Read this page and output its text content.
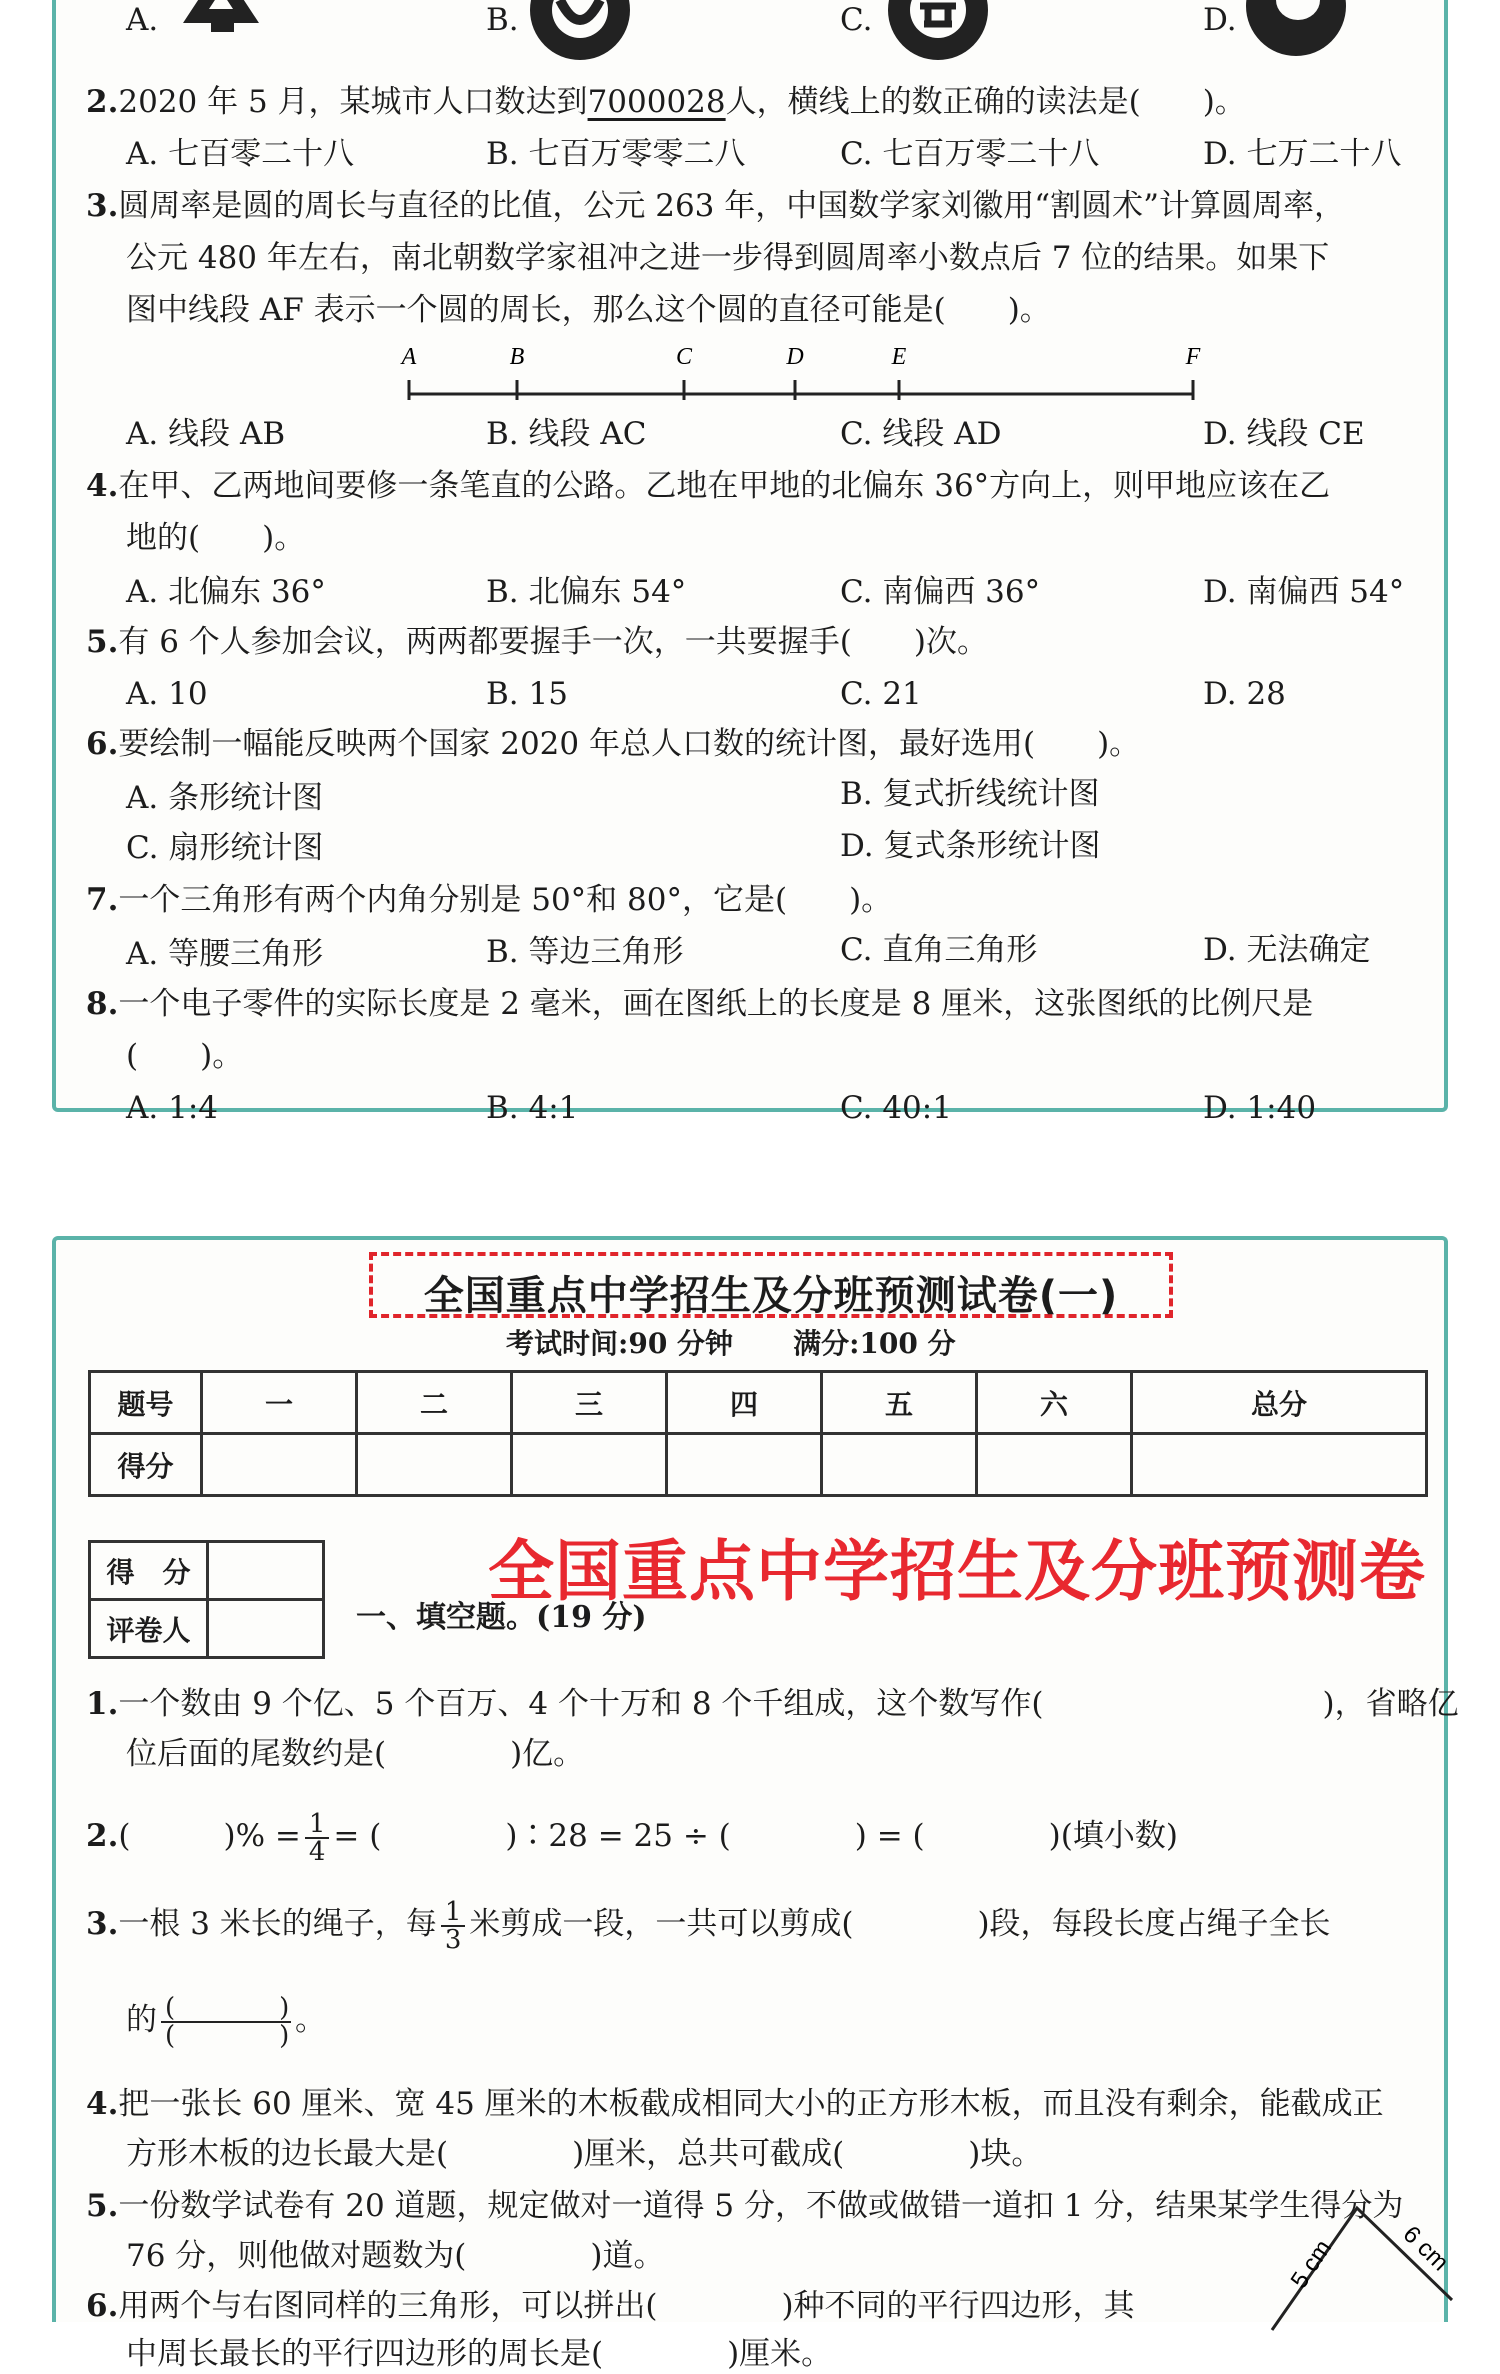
A.	B.	C.	D.
2.2020 年 5 月，某城市人口数达到7000028人，横线上的数正确的读法是(　　)。
A. 七百零二十八	B. 七百万零零二八	C. 七百万零二十八	D. 七万二十八
3.圆周率是圆的周长与直径的比值，公元 263 年，中国数学家刘徽用“割圆术”计算圆周率，
公元 480 年左右，南北朝数学家祖冲之进一步得到圆周率小数点后 7 位的结果。如果下
图中线段 AF 表示一个圆的周长，那么这个圆的直径可能是(　　)。
A	B	C	D	E	F
A. 线段 AB	B. 线段 AC	C. 线段 AD	D. 线段 CE
4.在甲、乙两地间要修一条笔直的公路。乙地在甲地的北偏东 36°方向上，则甲地应该在乙
地的(　　)。
A. 北偏东 36°	B. 北偏东 54°	C. 南偏西 36°	D. 南偏西 54°
5.有 6 个人参加会议，两两都要握手一次，一共要握手(　　)次。
A. 10	B. 15	C. 21	D. 28
6.要绘制一幅能反映两个国家 2020 年总人口数的统计图，最好选用(　　)。
A. 条形统计图	B. 复式折线统计图
C. 扇形统计图	D. 复式条形统计图
7.一个三角形有两个内角分别是 50°和 80°，它是(　　)。
A. 等腰三角形	B. 等边三角形	C. 直角三角形	D. 无法确定
8.一个电子零件的实际长度是 2 毫米，画在图纸上的长度是 8 厘米，这张图纸的比例尺是
(　　)。
A. 1:4	B. 4:1	C. 40:1	D. 1:40
全国重点中学招生及分班预测试卷(一)
考试时间:90 分钟 满分:100 分
题号	一	二	三	四	五	六	总分
得分							
得　分	
评卷人	
全国重点中学招生及分班预测卷
一、填空题。(19 分)
1.一个数由 9 个亿、5 个百万、4 个十万和 8 个千组成，这个数写作(　　　　　　　　　)，省略亿
位后面的尾数约是(　　　　)亿。
2.(　　　)% = $\frac{1}{4}$ = (　　　　)∶28 = 25 ÷ (　　　　) = (　　　　)(填小数)
3.一根 3 米长的绳子，每 $\frac{1}{3}$ 米剪成一段，一共可以剪成(　　　　)段，每段长度占绳子全长
的 $\frac{( )}{( )}$ 。
4.把一张长 60 厘米、宽 45 厘米的木板截成相同大小的正方形木板，而且没有剩余，能截成正
方形木板的边长最大是(　　　　)厘米，总共可截成(　　　　)块。
5.一份数学试卷有 20 道题，规定做对一道得 5 分，不做或做错一道扣 1 分，结果某学生得分为
76 分，则他做对题数为(　　　　)道。
6.用两个与右图同样的三角形，可以拼出(　　　　)种不同的平行四边形，其
中周长最长的平行四边形的周长是(　　　　)厘米。
5 cm	6 cm
